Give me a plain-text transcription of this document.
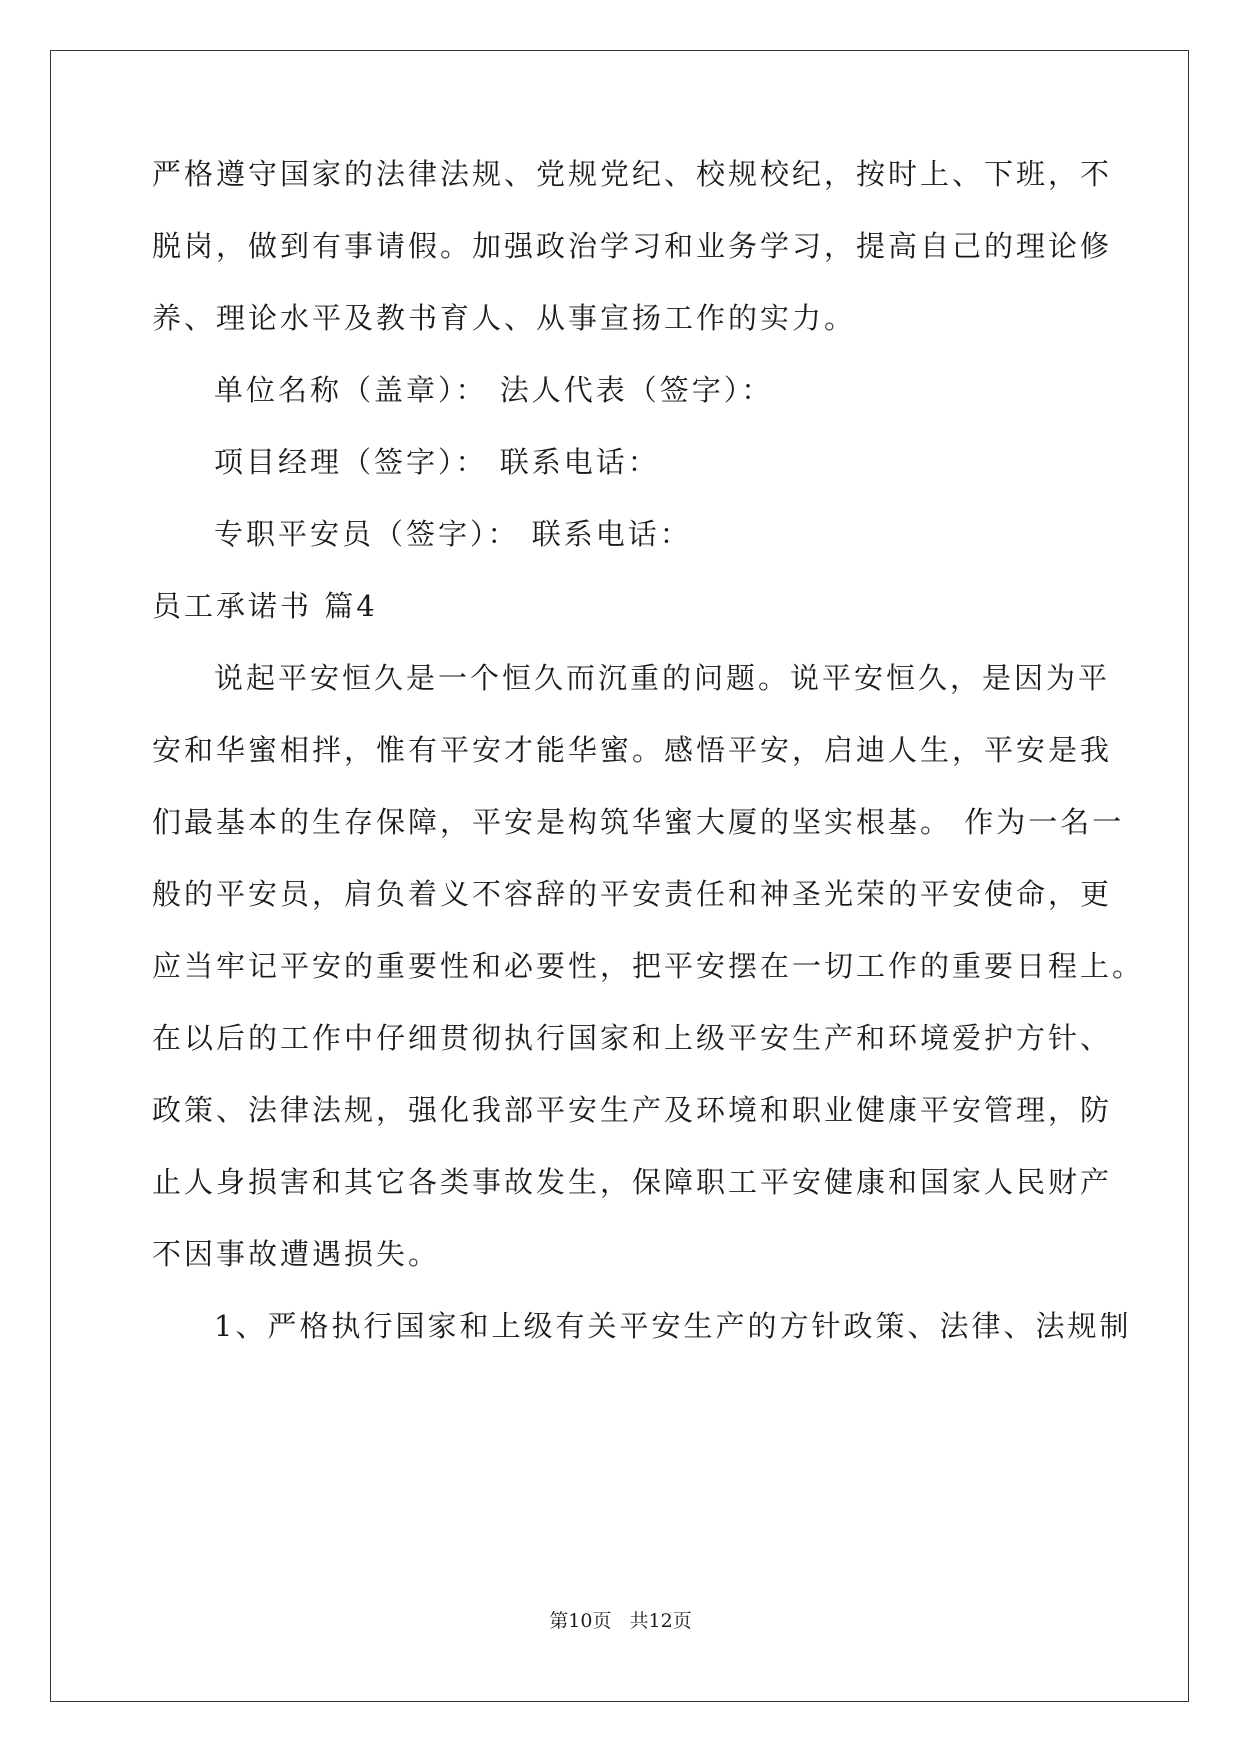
严格遵守国家的法律法规、党规党纪、校规校纪，按时上、下班，不
脱岗，做到有事请假。加强政治学习和业务学习，提高自己的理论修
养、理论水平及教书育人、从事宣扬工作的实力。
单位名称（盖章）： 法人代表（签字）：
项目经理（签字）： 联系电话：
专职平安员（签字）： 联系电话：
员工承诺书 篇4
说起平安恒久是一个恒久而沉重的问题。说平安恒久，是因为平
安和华蜜相拌，惟有平安才能华蜜。感悟平安，启迪人生，平安是我
们最基本的生存保障，平安是构筑华蜜大厦的坚实根基。 作为一名一
般的平安员，肩负着义不容辞的平安责任和神圣光荣的平安使命，更
应当牢记平安的重要性和必要性，把平安摆在一切工作的重要日程上。
在以后的工作中仔细贯彻执行国家和上级平安生产和环境爱护方针、
政策、法律法规，强化我部平安生产及环境和职业健康平安管理，防
止人身损害和其它各类事故发生，保障职工平安健康和国家人民财产
不因事故遭遇损失。
1、严格执行国家和上级有关平安生产的方针政策、法律、法规制
第10页 共12页
